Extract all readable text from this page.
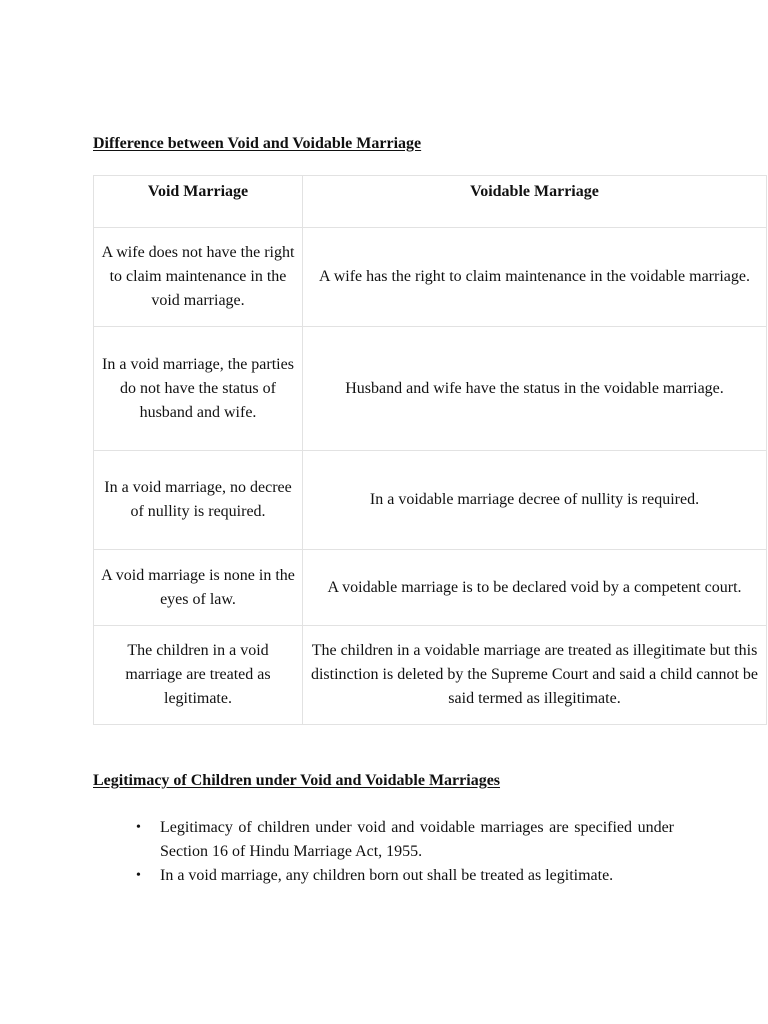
Difference between Void and Voidable Marriage
Void Marriage	Voidable Marriage
A wife does not have the right to claim maintenance in the void marriage.	A wife has the right to claim maintenance in the voidable marriage.
In a void marriage, the parties do not have the status of husband and wife.	Husband and wife have the status in the voidable marriage.
In a void marriage, no decree of nullity is required.	In a voidable marriage decree of nullity is required.
A void marriage is none in the eyes of law.	A voidable marriage is to be declared void by a competent court.
The children in a void marriage are treated as legitimate.	The children in a voidable marriage are treated as illegitimate but this distinction is deleted by the Supreme Court and said a child cannot be said termed as illegitimate.
Legitimacy of Children under Void and Voidable Marriages
• Legitimacy of children under void and voidable marriages are specified under Section 16 of Hindu Marriage Act, 1955.
• In a void marriage, any children born out shall be treated as legitimate.
